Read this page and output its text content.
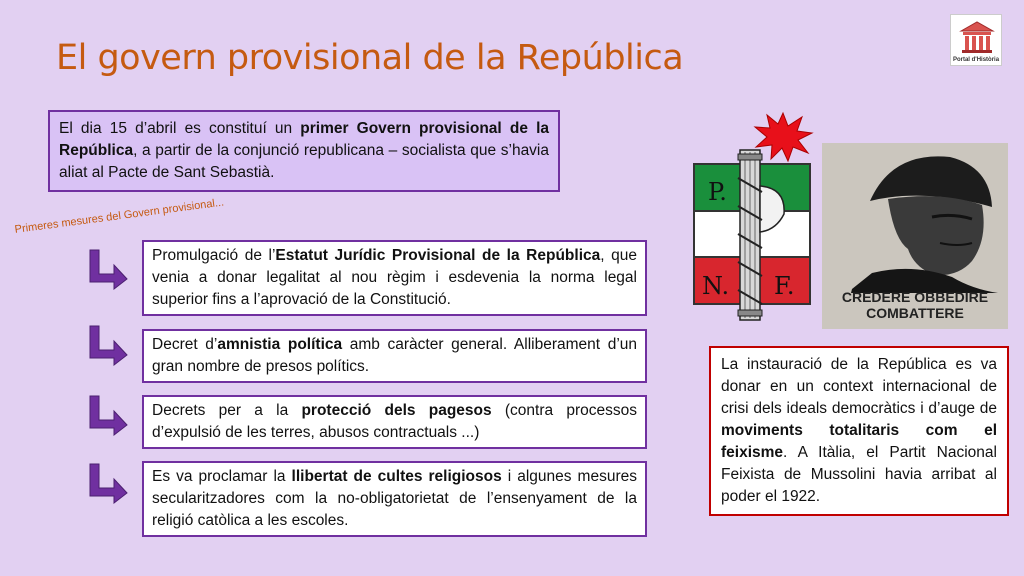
El govern provisional de la República	Portal d'Història
El dia 15 d’abril es constituí un primer Govern provisional de la República, a partir de la conjunció republicana – socialista que s’havia aliat al Pacte de Sant Sebastià.
Primeres mesures del Govern provisional...
Promulgació de l’Estatut Jurídic Provisional de la República, que venia a donar legalitat al nou règim i esdevenia la norma legal superior fins a l’aprovació de la Constitució.
Decret d’amnistia política amb caràcter general. Alliberament d’un gran nombre de presos polítics.
Decrets per a la protecció dels pagesos (contra processos d’expulsió de les terres, abusos contractuals ...)
Es va proclamar la llibertat de cultes religiosos i algunes mesures secularitzadores com la no-obligatorietat de l’ensenyament de la religió catòlica a les escoles.
P.
N. F.	CREDERE OBBEDIRE
COMBATTERE
La instauració de la República es va donar en un context internacional de crisi dels ideals democràtics i d’auge de moviments totalitaris com el feixisme. A Itàlia, el Partit Nacional Feixista de Mussolini havia arribat al poder el 1922.
